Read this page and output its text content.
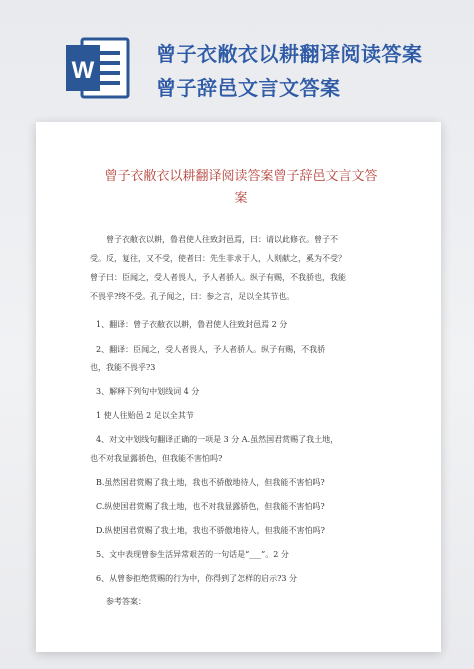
W
曾子衣敝衣以耕翻译阅读答案
曾子辞邑文言文答案
曾子衣敝衣以耕翻译阅读答案曾子辞邑文言文答
案
曾子衣敝衣以耕，鲁君使人往致封邑焉，曰：请以此修衣。曾子不
受。反，复往，又不受，使者曰：先生非求于人，人则献之，奚为不受？
曾子曰：臣闻之，受人者畏人，予人者骄人。纵子有赐，不我骄也，我能
不畏乎?终不受。孔子闻之，曰：参之言，足以全其节也。
1、翻译：曾子衣敝衣以耕，鲁君使人往致封邑焉 2 分
2、翻译：臣闻之，受人者畏人，予人者骄人。纵子有赐，不我骄
也，我能不畏乎?3
3、解释下列句中划线词 4 分
1 使人往贻邑 2 足以全其节
4、对文中划线句翻译正确的一项是 3 分 A.虽然国君赏赐了我土地，
也不对我显露骄色，但我能不害怕吗?
B.虽然国君赏赐了我土地，我也不骄傲地待人，但我能不害怕吗?
C.纵使国君赏赐了我土地，也不对我显露骄色，但我能不害怕吗?
D.纵使国君赏赐了我土地，我也不骄傲地待人，但我能不害怕吗?
5、文中表现曾参生活异常艰苦的一句话是“___”。2 分
6、从曾参拒绝赏赐的行为中，你得到了怎样的启示?3 分
参考答案：
